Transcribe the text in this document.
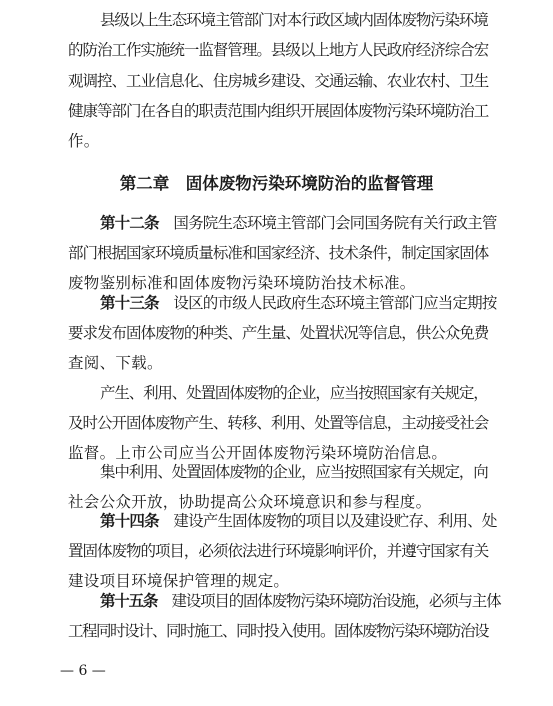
县级以上生态环境主管部门对本行政区域内固体废物污染环境
的防治工作实施统一监督管理。县级以上地方人民政府经济综合宏
观调控、工业信息化、住房城乡建设、交通运输、农业农村、卫生
健康等部门在各自的职责范围内组织开展固体废物污染环境防治工
作。
第二章　固体废物污染环境防治的监督管理
第十二条　国务院生态环境主管部门会同国务院有关行政主管
部门根据国家环境质量标准和国家经济、技术条件，制定国家固体
废物鉴别标准和固体废物污染环境防治技术标准。
第十三条　设区的市级人民政府生态环境主管部门应当定期按
要求发布固体废物的种类、产生量、处置状况等信息，供公众免费
查阅、下载。
产生、利用、处置固体废物的企业，应当按照国家有关规定，
及时公开固体废物产生、转移、利用、处置等信息，主动接受社会
监督。上市公司应当公开固体废物污染环境防治信息。
集中利用、处置固体废物的企业，应当按照国家有关规定，向
社会公众开放，协助提高公众环境意识和参与程度。
第十四条　建设产生固体废物的项目以及建设贮存、利用、处
置固体废物的项目，必须依法进行环境影响评价，并遵守国家有关
建设项目环境保护管理的规定。
第十五条　建设项目的固体废物污染环境防治设施，必须与主体
工程同时设计、同时施工、同时投入使用。固体废物污染环境防治设
— 6 —
